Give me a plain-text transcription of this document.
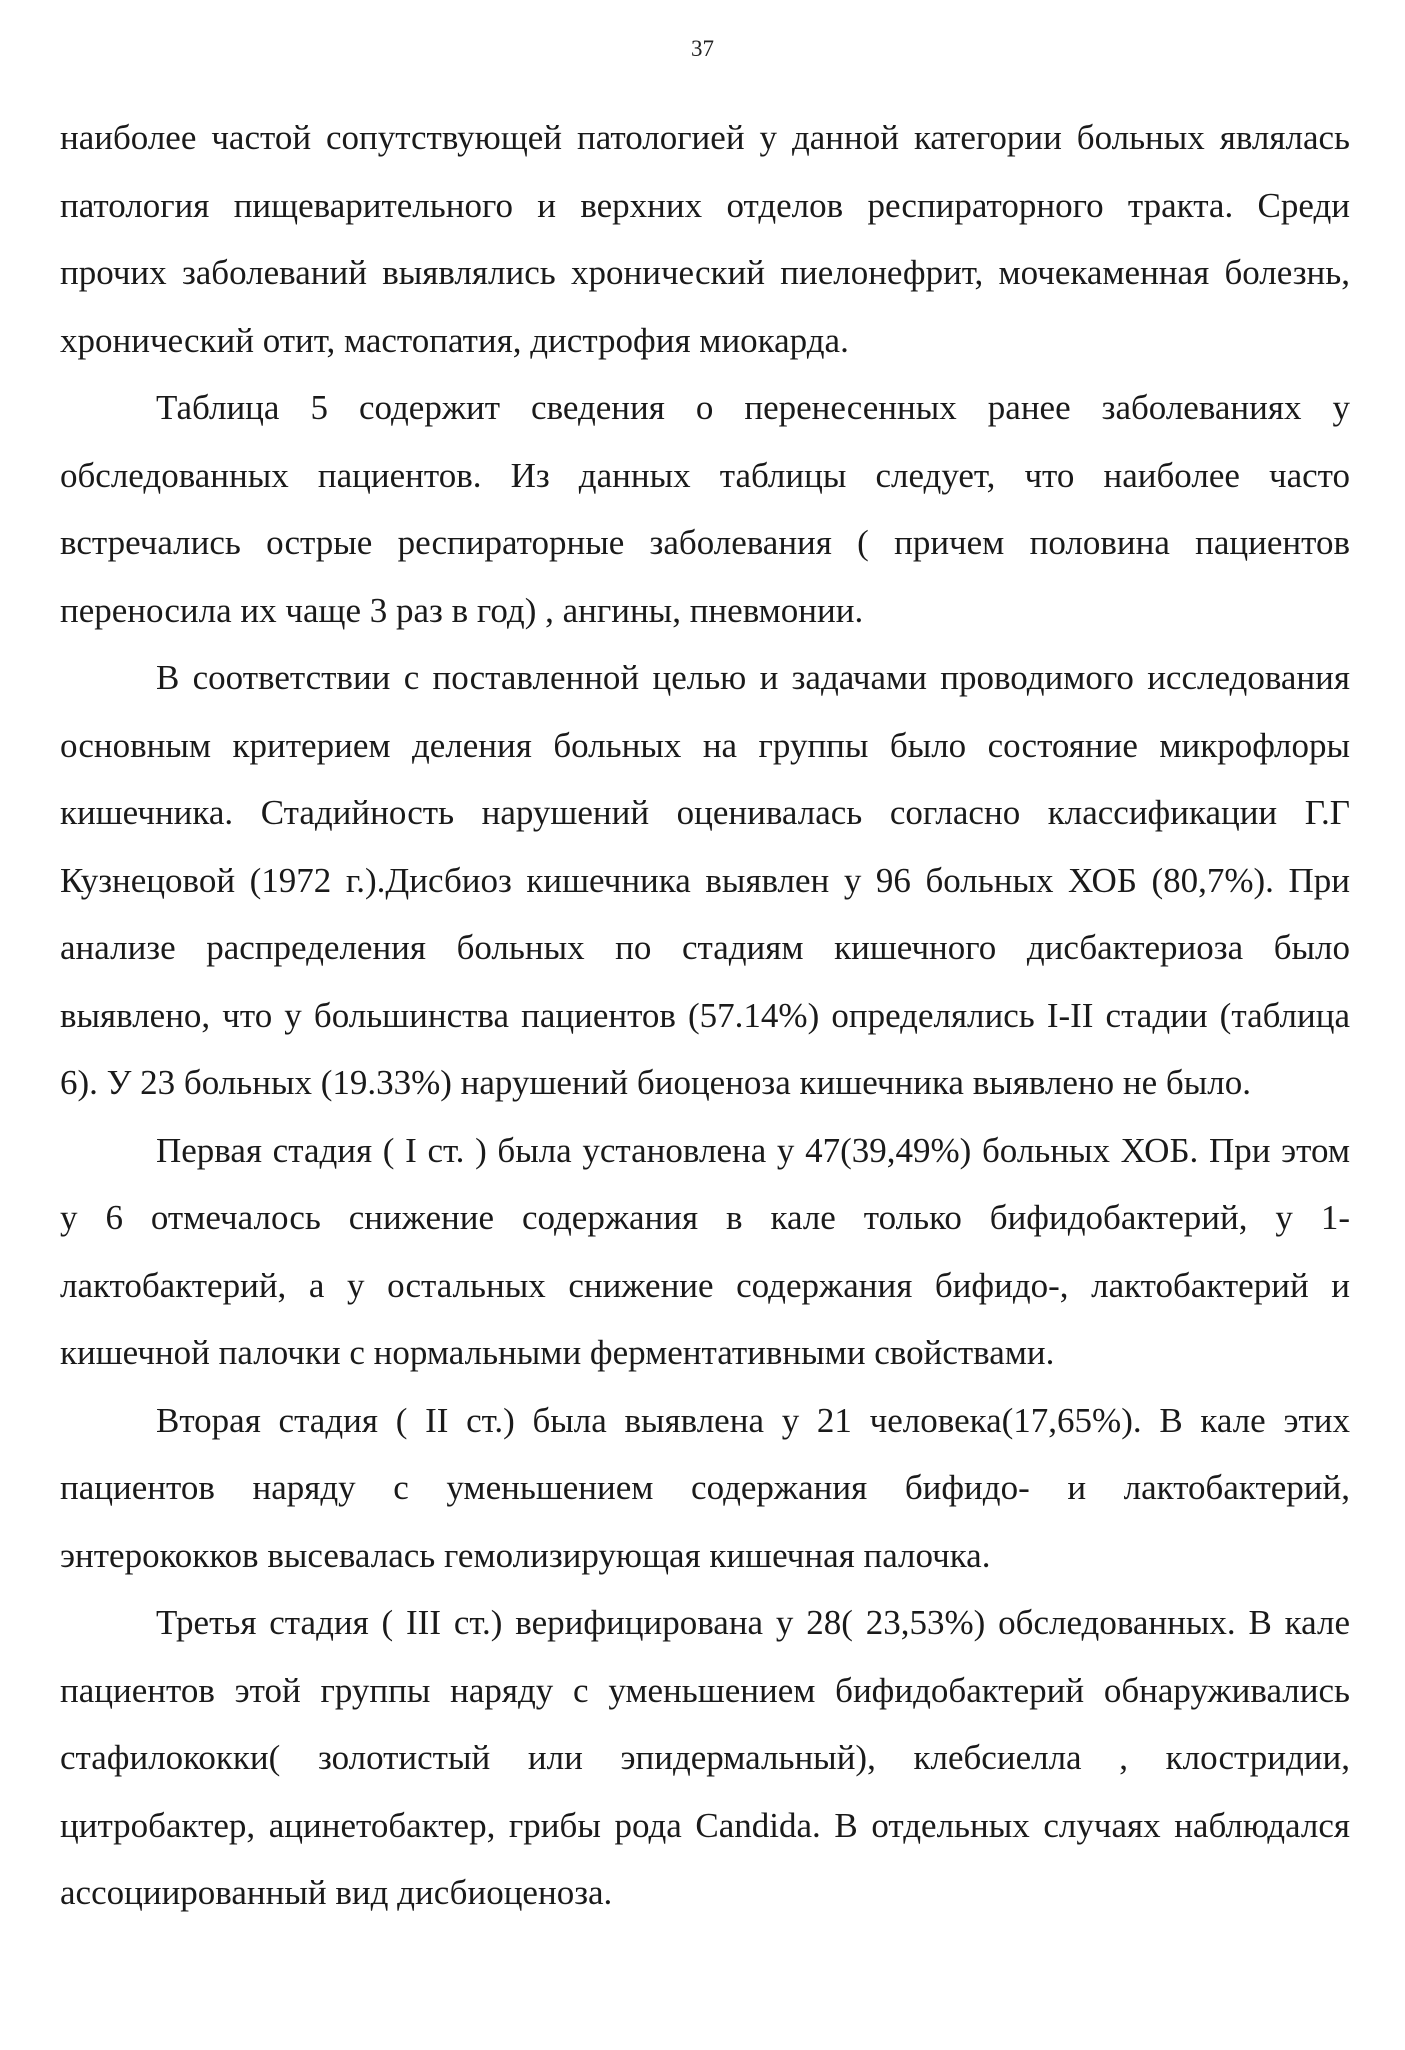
37

наиболее частой сопутствующей патологией у данной категории больных являлась патология пищеварительного и верхних отделов респираторного тракта. Среди прочих заболеваний выявлялись хронический пиелонефрит, мочекаменная болезнь, хронический отит, мастопатия, дистрофия миокарда.

Таблица 5 содержит сведения о перенесенных ранее заболеваниях у обследованных пациентов. Из данных таблицы следует, что наиболее часто встречались острые респираторные заболевания ( причем половина пациентов переносила их чаще 3 раз в год) , ангины, пневмонии.

В соответствии с поставленной целью и задачами проводимого исследования основным критерием деления больных на группы было состояние микрофлоры кишечника. Стадийность нарушений оценивалась согласно классификации Г.Г Кузнецовой (1972 г.).Дисбиоз кишечника выявлен у 96 больных ХОБ (80,7%). При анализе распределения больных по стадиям кишечного дисбактериоза было выявлено, что у большинства пациентов (57.14%) определялись I-II стадии (таблица 6). У 23 больных (19.33%) нарушений биоценоза кишечника выявлено не было.

Первая стадия ( I ст. ) была установлена у 47(39,49%) больных ХОБ. При этом у 6 отмечалось снижение содержания в кале только бифидобактерий, у 1-лактобактерий, а у остальных снижение содержания бифидо-, лактобактерий и кишечной палочки с нормальными ферментативными свойствами.

Вторая стадия ( II ст.) была выявлена у 21 человека(17,65%). В кале этих пациентов наряду с уменьшением содержания бифидо- и лактобактерий, энтерококков высевалась гемолизирующая кишечная палочка.

Третья стадия ( III ст.) верифицирована у 28( 23,53%) обследованных. В кале пациентов этой группы наряду с уменьшением бифидобактерий обнаруживались стафилококки( золотистый или эпидермальный), клебсиелла , клостридии, цитробактер, ацинетобактер, грибы рода Candida. В отдельных случаях наблюдался ассоциированный вид дисбиоценоза.
